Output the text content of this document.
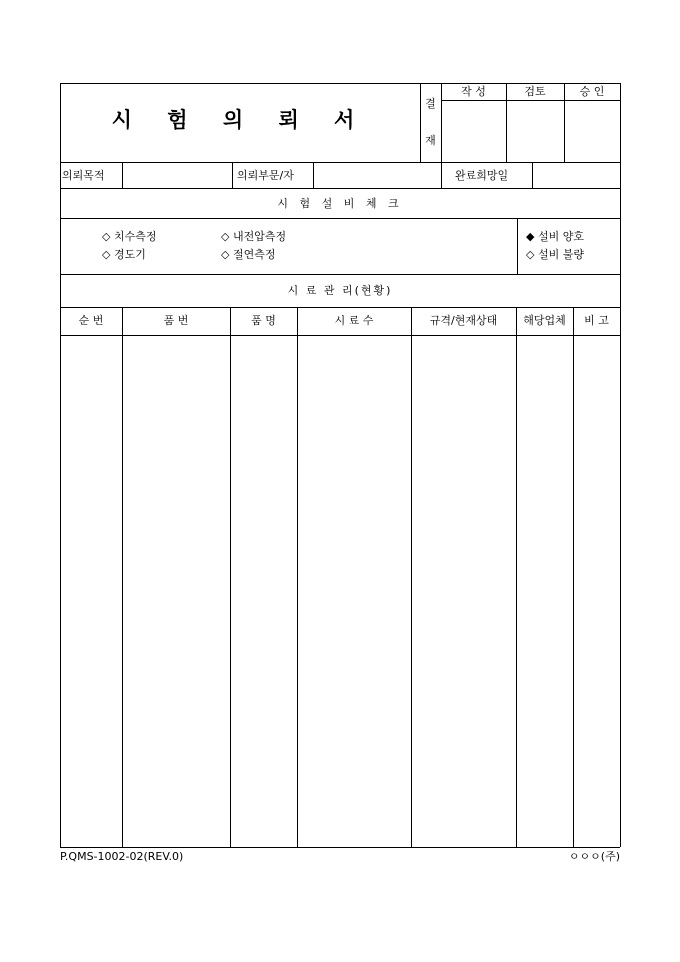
시 험 의 뢰 서
결
재
작 성	검토	승 인
의뢰목적	의뢰부문/자	완료희망일
시 험 설 비 체 크
◇ 치수측정	◇ 내전압측정
◇ 경도기	◇ 절연측정
◆ 설비 양호
◇ 설비 불량
시 료 관 리(현황)
순 번	품 번	품 명	시 료 수	규격/현재상태	해당업체	비 고
P.QMS-1002-02(REV.0)	ㅇㅇㅇ(주)
